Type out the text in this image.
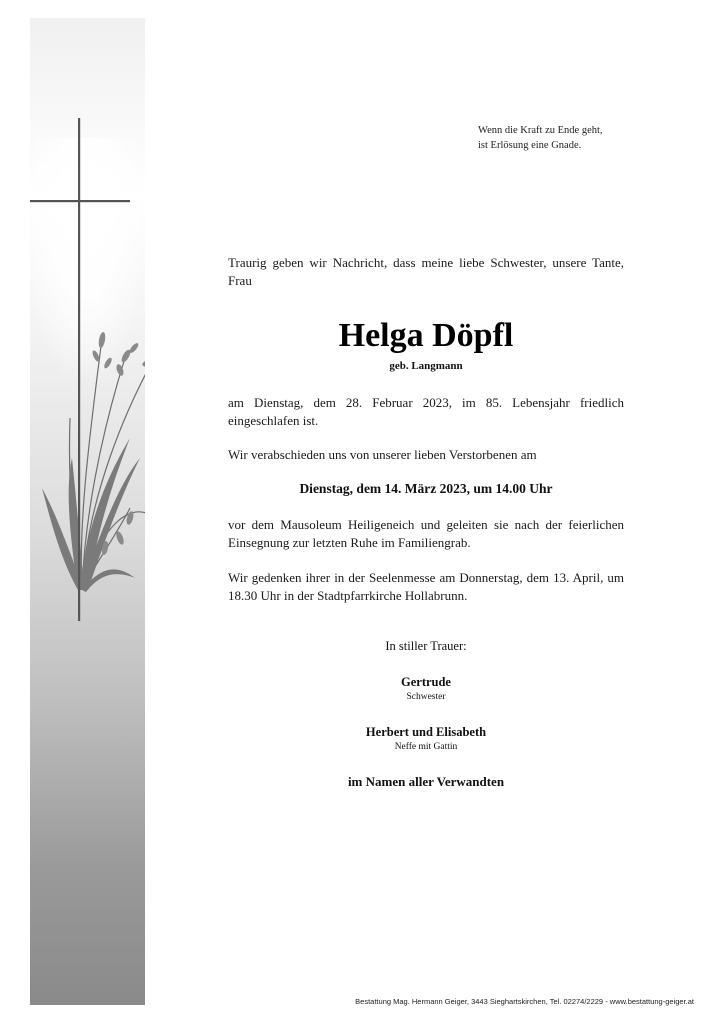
Wenn die Kraft zu Ende geht,
ist Erlösung eine Gnade.

Traurig geben wir Nachricht, dass meine liebe Schwester, unsere Tante, Frau

Helga Döpfl
geb. Langmann

am Dienstag, dem 28. Februar 2023, im 85. Lebensjahr friedlich eingeschlafen ist.

Wir verabschieden uns von unserer lieben Verstorbenen am

Dienstag, dem 14. März 2023, um 14.00 Uhr

vor dem Mausoleum Heiligeneich und geleiten sie nach der feierlichen Einsegnung zur letzten Ruhe im Familiengrab.

Wir gedenken ihrer in der Seelenmesse am Donnerstag, dem 13. April, um 18.30 Uhr in der Stadtpfarrkirche Hollabrunn.

In stiller Trauer:
Gertrude
Schwester
Herbert und Elisabeth
Neffe mit Gattin
im Namen aller Verwandten
Bestattung Mag. Hermann Geiger, 3443 Sieghartskirchen, Tel. 02274/2229 - www.bestattung-geiger.at
